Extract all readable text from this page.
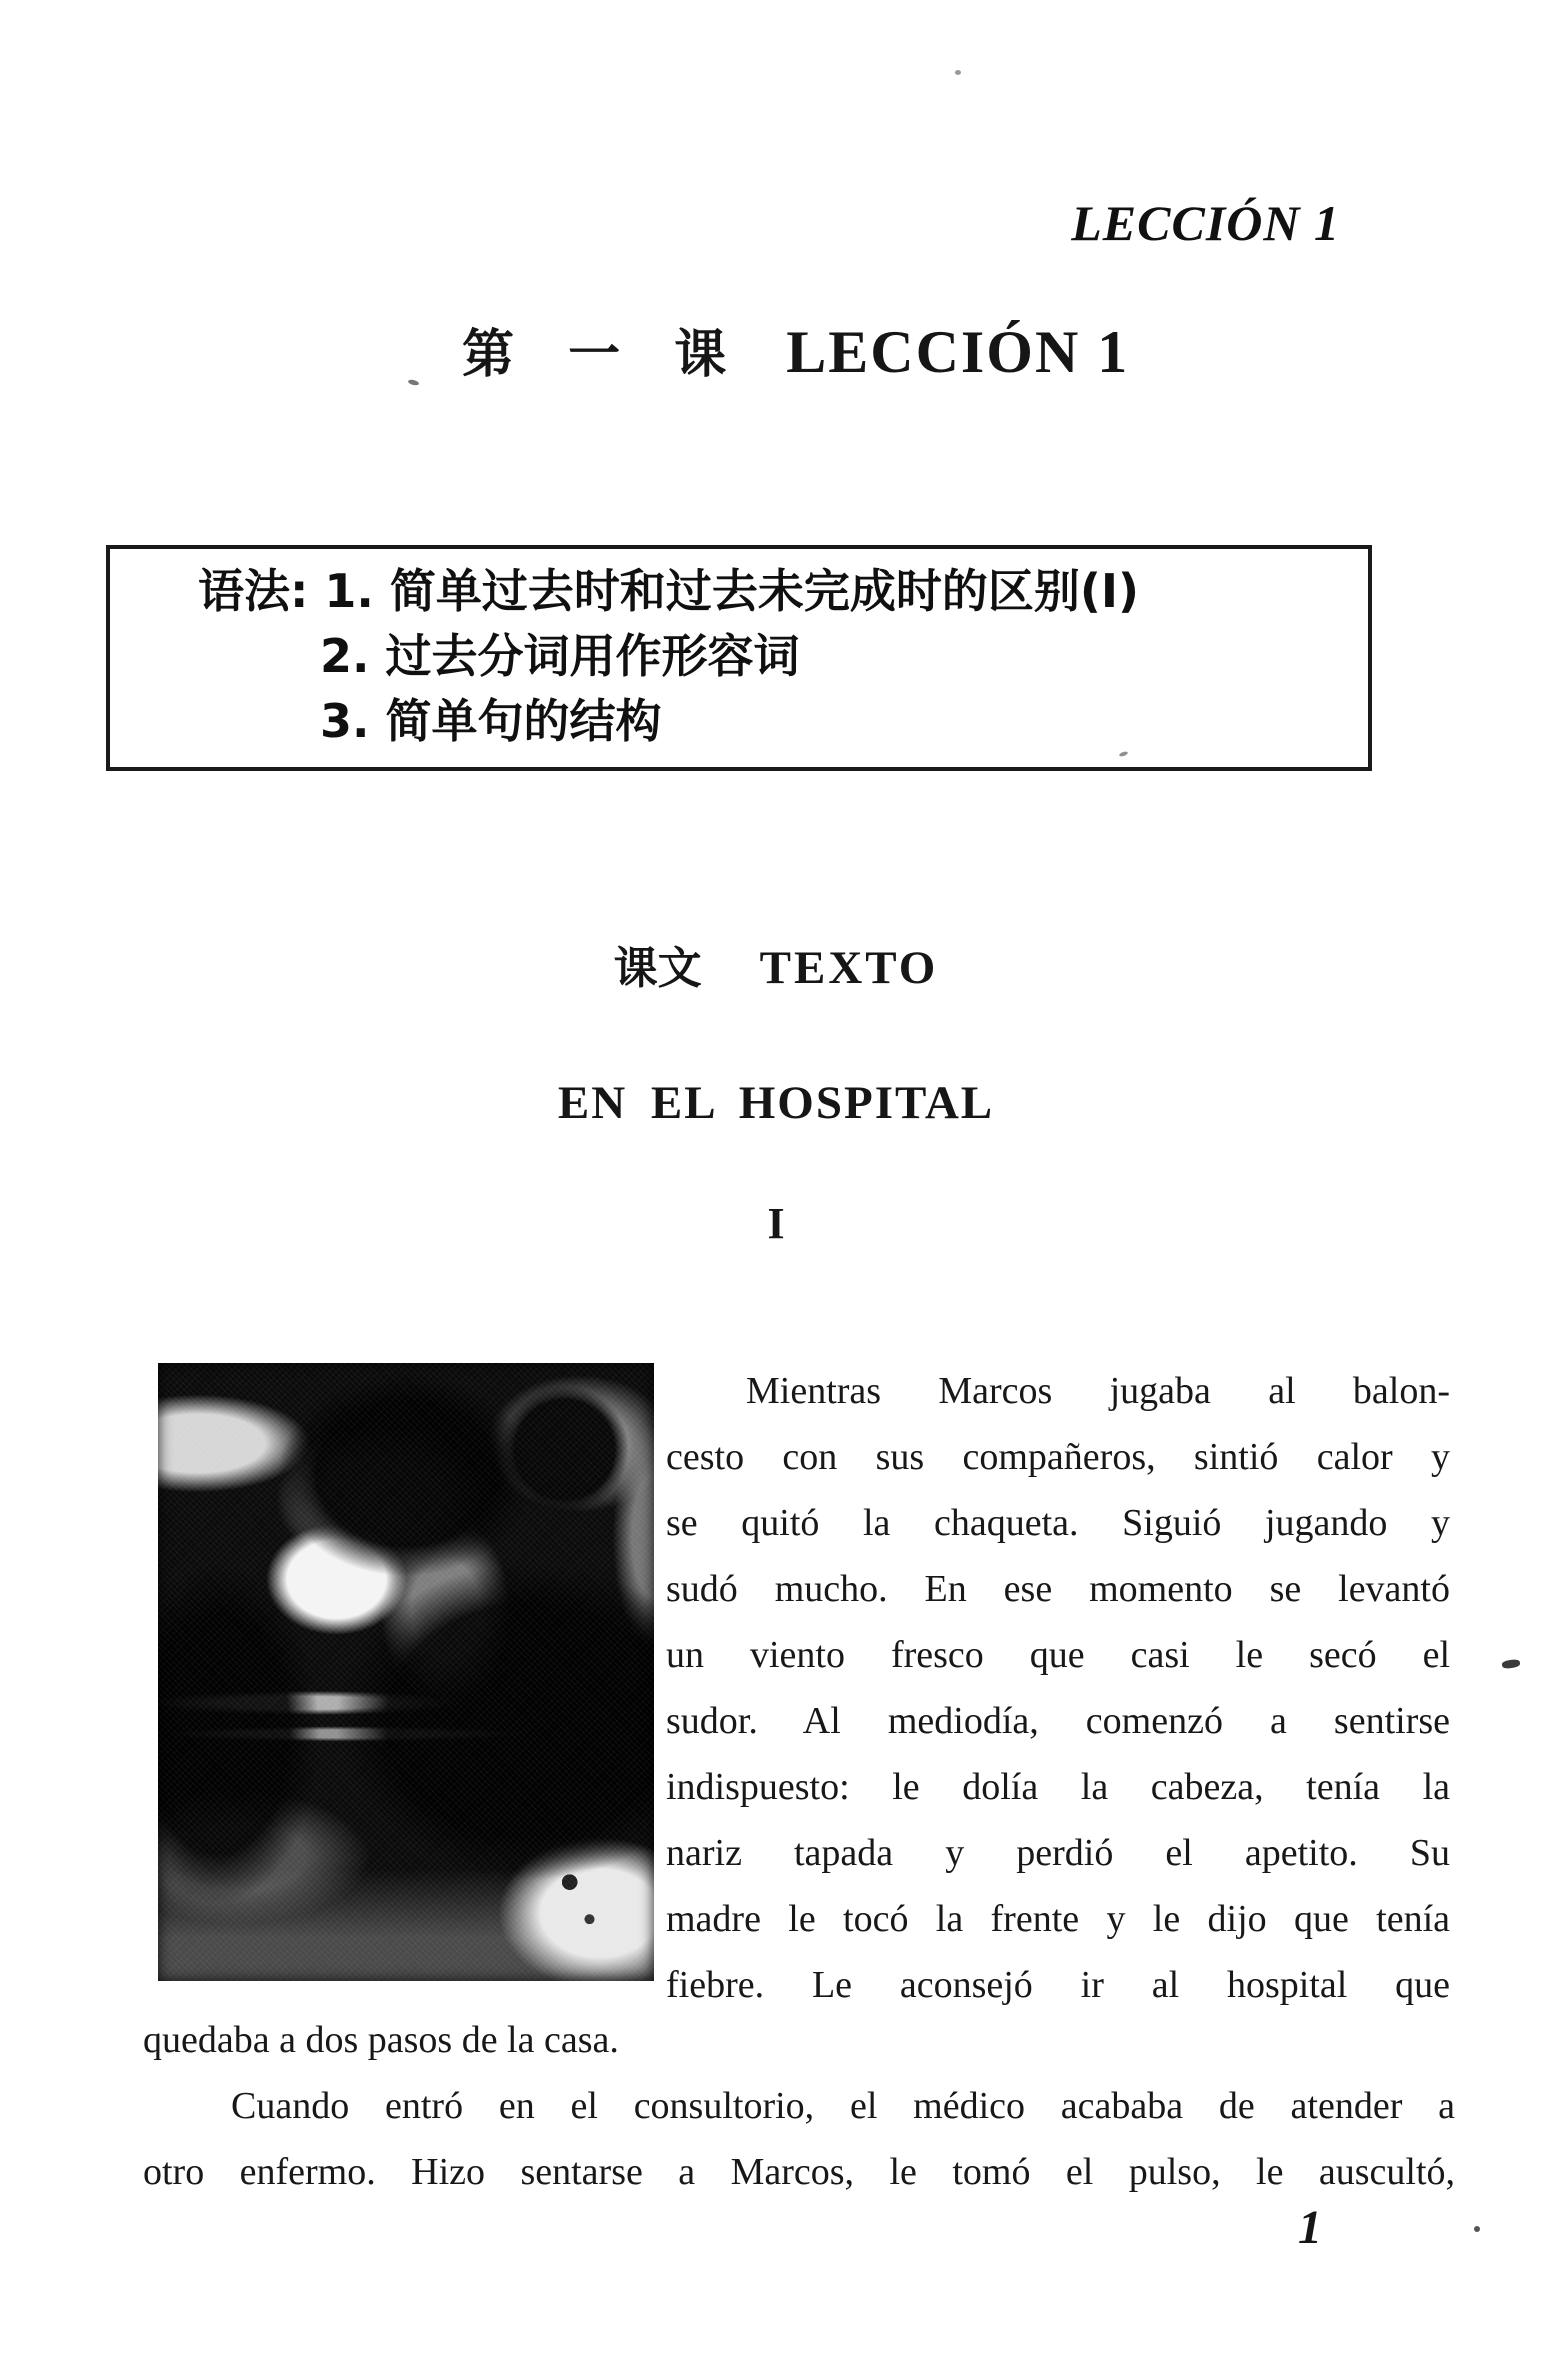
LECCIÓN 1
第 一 课 LECCIÓN 1
语法: 1. 简单过去时和过去未完成时的区别(I)
2. 过去分词用作形容词
3. 简单句的结构
课文 TEXTO
EN EL HOSPITAL
I
Mientras Marcos jugaba al balon-
cesto con sus compañeros, sintió calor y
se quitó la chaqueta. Siguió jugando y
sudó mucho. En ese momento se levantó
un viento fresco que casi le secó el
sudor. Al mediodía, comenzó a sentirse
indispuesto: le dolía la cabeza, tenía la
nariz tapada y perdió el apetito. Su
madre le tocó la frente y le dijo que tenía
fiebre. Le aconsejó ir al hospital que
quedaba a dos pasos de la casa.
Cuando entró en el consultorio, el médico acababa de atender a
otro enfermo. Hizo sentarse a Marcos, le tomó el pulso, le auscultó,
1
